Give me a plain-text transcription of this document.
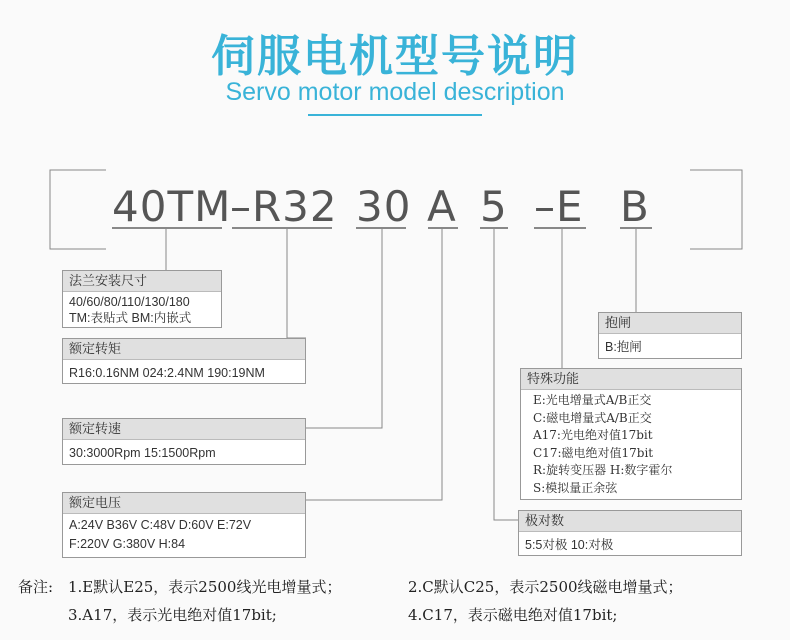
伺服电机型号说明
Servo motor model description
40TM
–R32 30 A 5 –E B
法兰安装尺寸
40/60/80/110/130/180
TM:表贴式 BM:内嵌式
额定转矩
R16:0.16NM 024:2.4NM 190:19NM
额定转速
30:3000Rpm 15:1500Rpm
额定电压
A:24V B36V C:48V D:60V E:72V
F:220V G:380V H:84
抱闸
B:抱闸
特殊功能
E:光电增量式A/B正交
C:磁电增量式A/B正交
A17:光电绝对值17bit
C17:磁电绝对值17bit
R:旋转变压器 H:数字霍尔
S:模拟量正余弦
极对数
5:5对极 10:对极
备注: 1.E默认E25，表示2500线光电增量式；	2.C默认C25，表示2500线磁电增量式；
3.A17，表示光电绝对值17bit;	4.C17，表示磁电绝对值17bit;
